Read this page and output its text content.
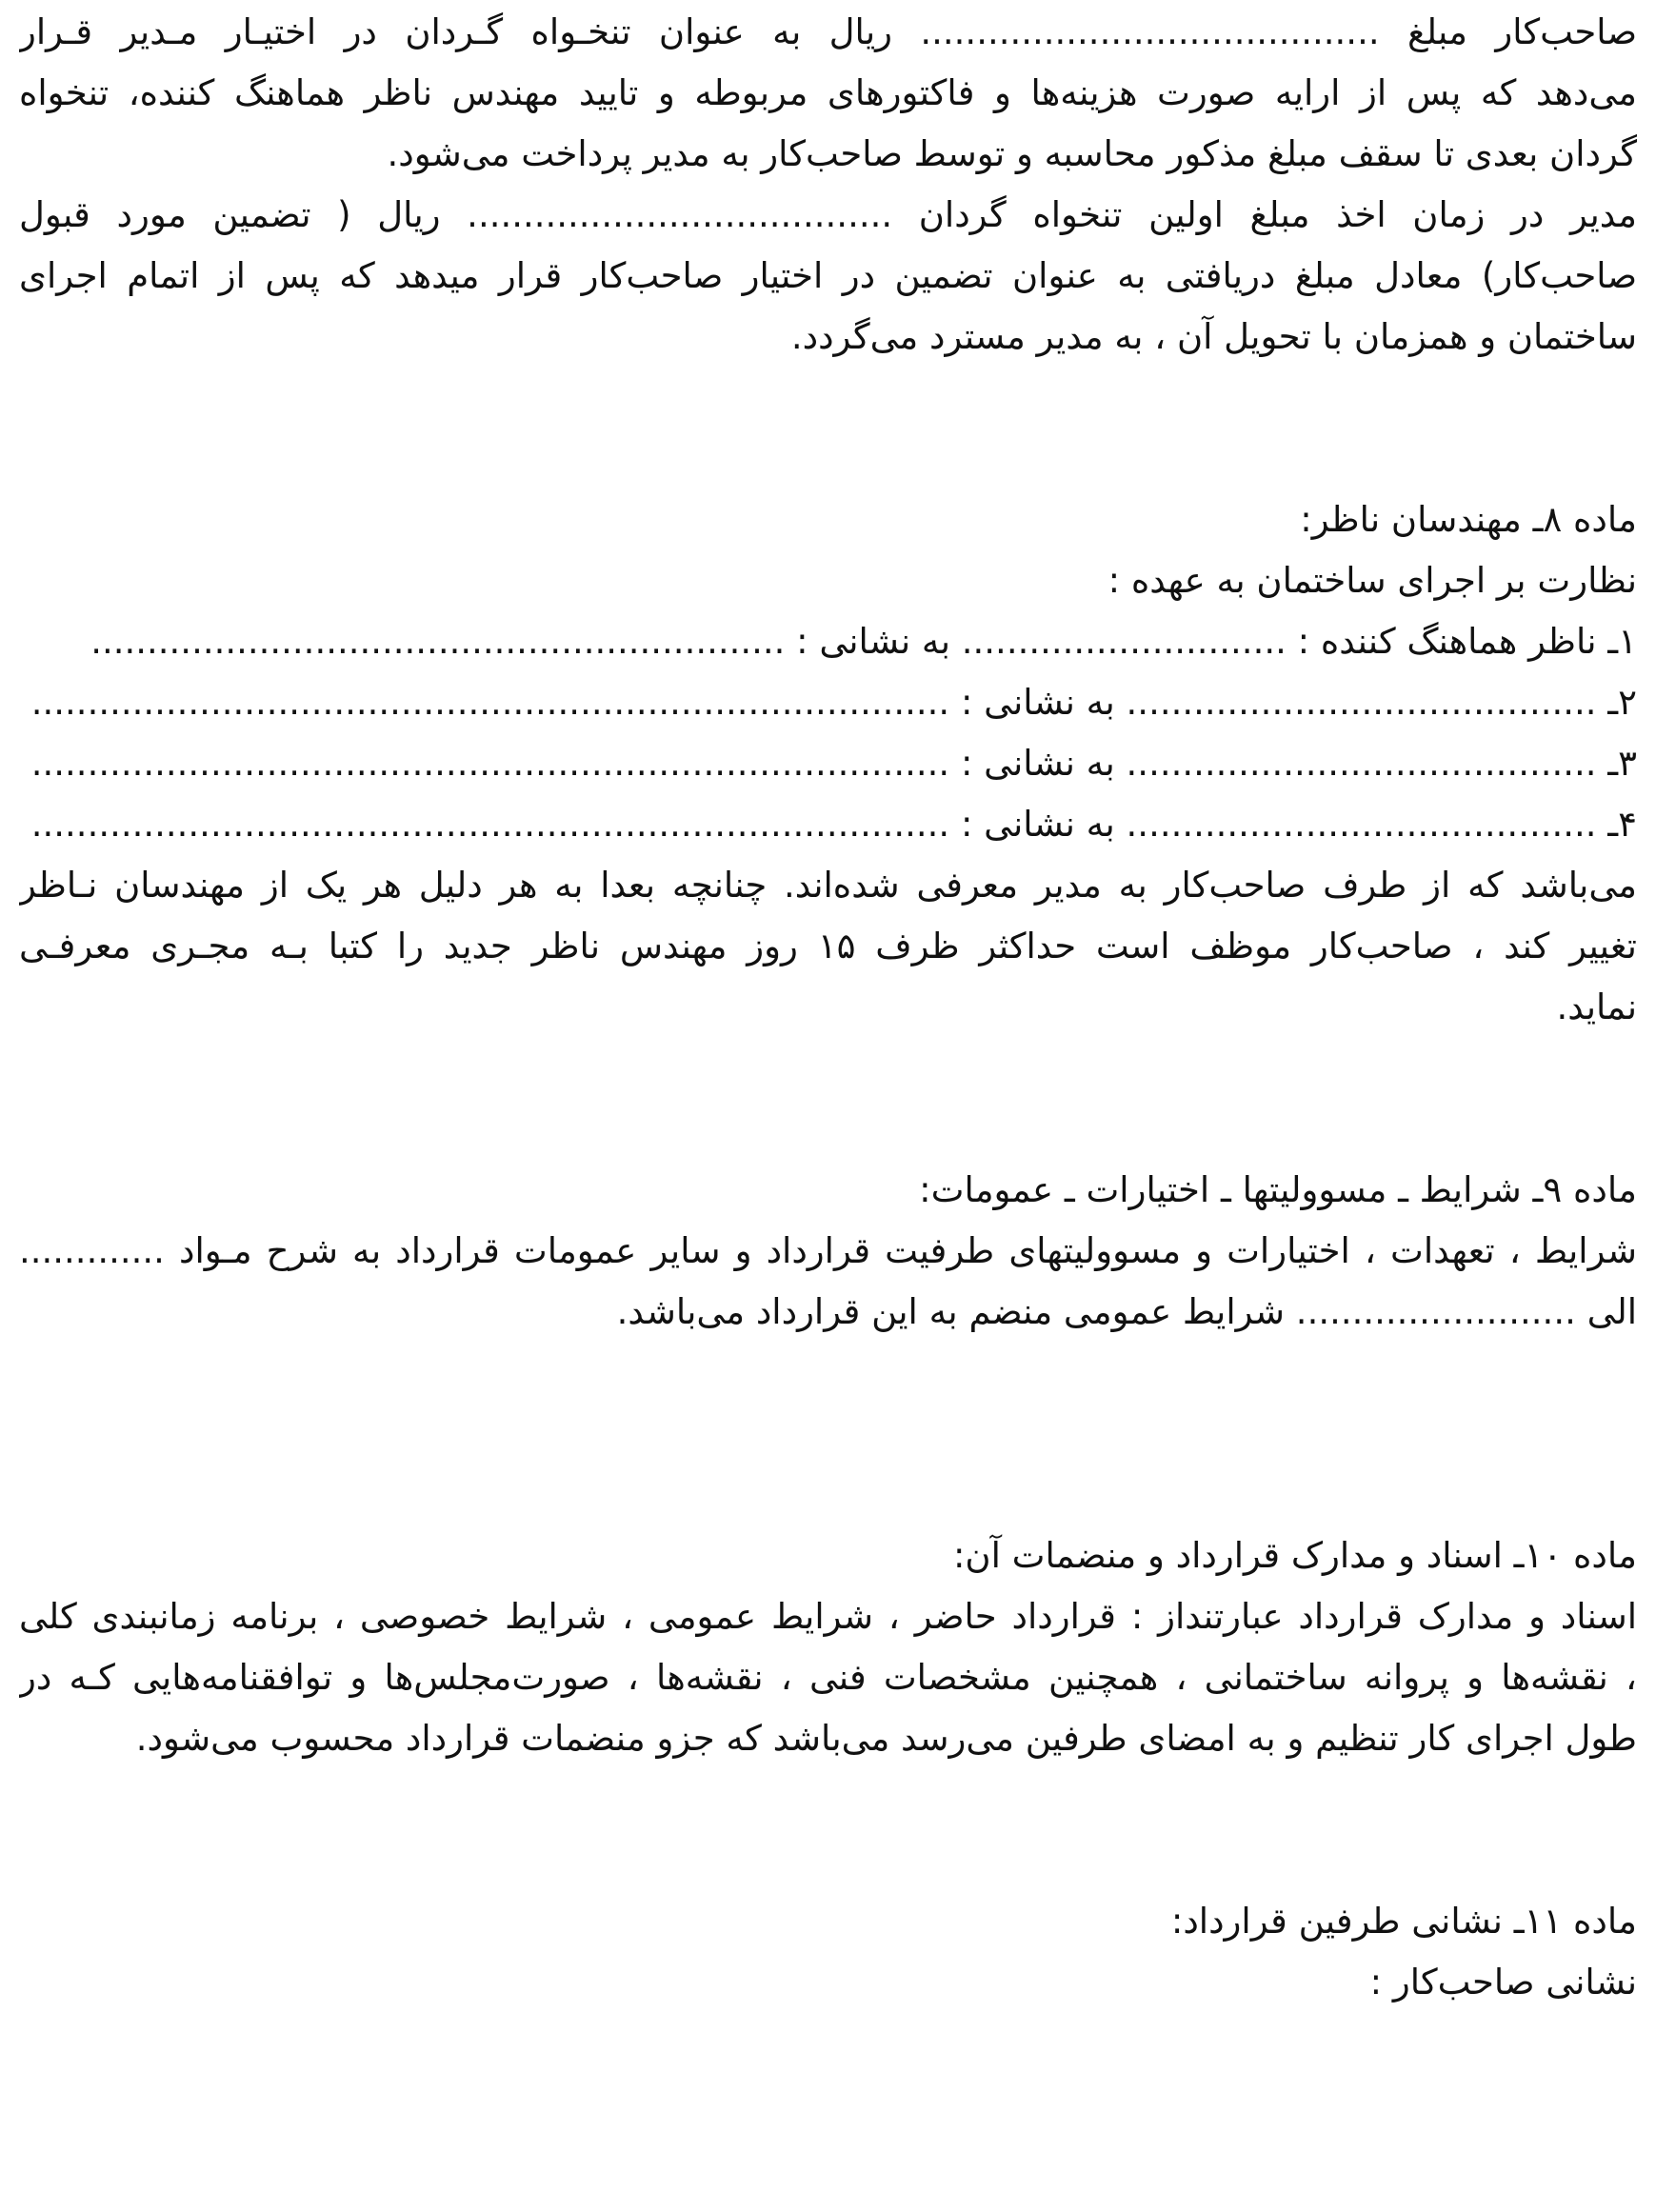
صاحب‌کار مبلغ ......................................... ریال به عنوان تنخـواه گـردان در اختیـار مـدیر قـرار
می‌دهد که پس از ارایه صورت هزینه‌ها و فاکتورهای مربوطه و تایید مهندس ناظر هماهنگ کننده، تنخواه
گردان بعدی تا سقف مبلغ مذکور محاسبه و توسط صاحب‌کار به مدیر پرداخت می‌شود.
مدیر در زمان اخذ مبلغ اولین تنخواه گردان ...................................... ریال ( تضمین مورد قبول
صاحب‌کار) معادل مبلغ دریافتی به عنوان تضمین در اختیار صاحب‌کار قرار میدهد که پس از اتمام اجرای
ساختمان و همزمان با تحویل آن ، به مدیر مسترد می‌گردد.
ماده ۸ـ مهندسان ناظر:
نظارت بر اجرای ساختمان به عهده :
۱ـ ناظر هماهنگ کننده : ............................. به نشانی : ..............................................................
۲ـ .......................................... به نشانی : ..................................................................................
۳ـ .......................................... به نشانی : ..................................................................................
۴ـ .......................................... به نشانی : ..................................................................................
می‌باشد که از طرف صاحب‌کار به مدیر معرفی شده‌اند. چنانچه بعدا به هر دلیل هر یک از مهندسان نـاظر
تغییر کند ، صاحب‌کار موظف است حداکثر ظرف ۱۵ روز مهندس ناظر جدید را کتبا بـه مجـری معرفـی
نماید.
ماده ۹ـ شرایط ـ مسوولیتها ـ اختیارات ـ عمومات:
شرایط ، تعهدات ، اختیارات و مسوولیتهای طرفیت قرارداد و سایر عمومات قرارداد به شرح مـواد .............
الی ......................... شرایط عمومی منضم به این قرارداد می‌باشد.
ماده ۱۰ـ اسناد و مدارک قرارداد و منضمات آن:
اسناد و مدارک قرارداد عبارتنداز : قرارداد حاضر ، شرایط عمومی ، شرایط خصوصی ، برنامه زمانبندی کلی
، نقشه‌ها و پروانه ساختمانی ، همچنین مشخصات فنی ، نقشه‌ها ، صورت‌مجلس‌ها و توافقنامه‌هایی کـه در
طول اجرای کار تنظیم و به امضای طرفین می‌رسد می‌باشد که جزو منضمات قرارداد محسوب می‌شود.
ماده ۱۱ـ نشانی طرفین قرارداد:
نشانی صاحب‌کار :
